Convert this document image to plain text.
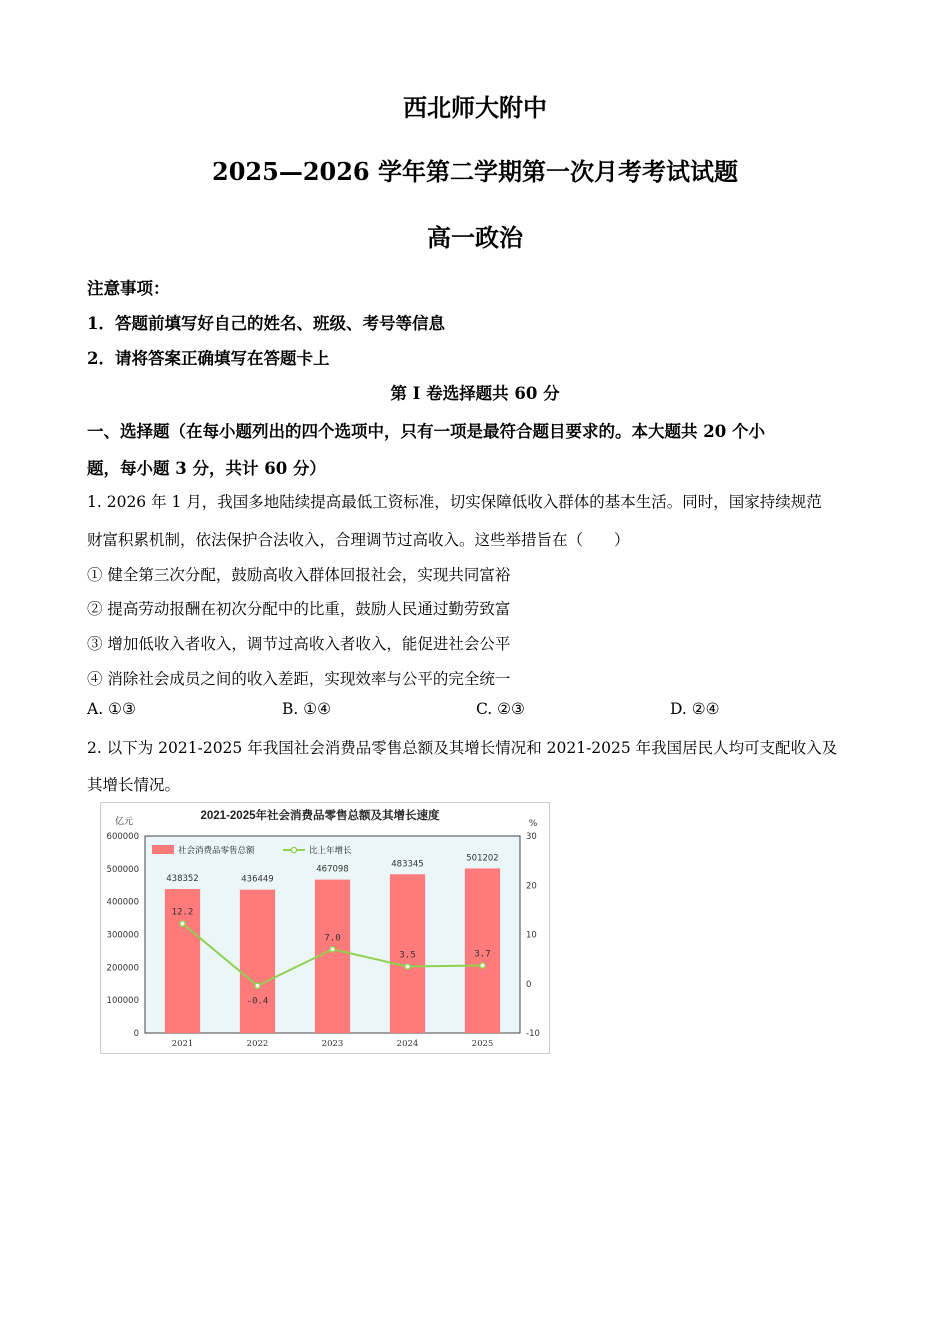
西北师大附中
2025—2026 学年第二学期第一次月考考试试题
高一政治
注意事项：
1．答题前填写好自己的姓名、班级、考号等信息
2．请将答案正确填写在答题卡上
第 I 卷选择题共 60 分
一、选择题（在每小题列出的四个选项中，只有一项是最符合题目要求的。本大题共 20 个小
题，每小题 3 分，共计 60 分）
1. 2026 年 1 月，我国多地陆续提高最低工资标准，切实保障低收入群体的基本生活。同时，国家持续规范
财富积累机制，依法保护合法收入，合理调节过高收入。这些举措旨在（　　）
① 健全第三次分配，鼓励高收入群体回报社会，实现共同富裕
② 提高劳动报酬在初次分配中的比重，鼓励人民通过勤劳致富
③ 增加低收入者收入，调节过高收入者收入，能促进社会公平
④ 消除社会成员之间的收入差距，实现效率与公平的完全统一
A. ①③	B. ①④	C. ②③	D. ②④
2. 以下为 2021-2025 年我国社会消费品零售总额及其增长情况和 2021-2025 年我国居民人均可支配收入及
其增长情况。
2021-2025年社会消费品零售总额及其增长速度
亿元	%
0
100000
200000
300000
400000
500000
600000
-10
0
10
20
30
438352	436449
467098
483345
501202
12.2
-0.4
7.0
3.5	3.7
2021	2022	2023	2024	2025
社会消费品零售总额	比上年增长
